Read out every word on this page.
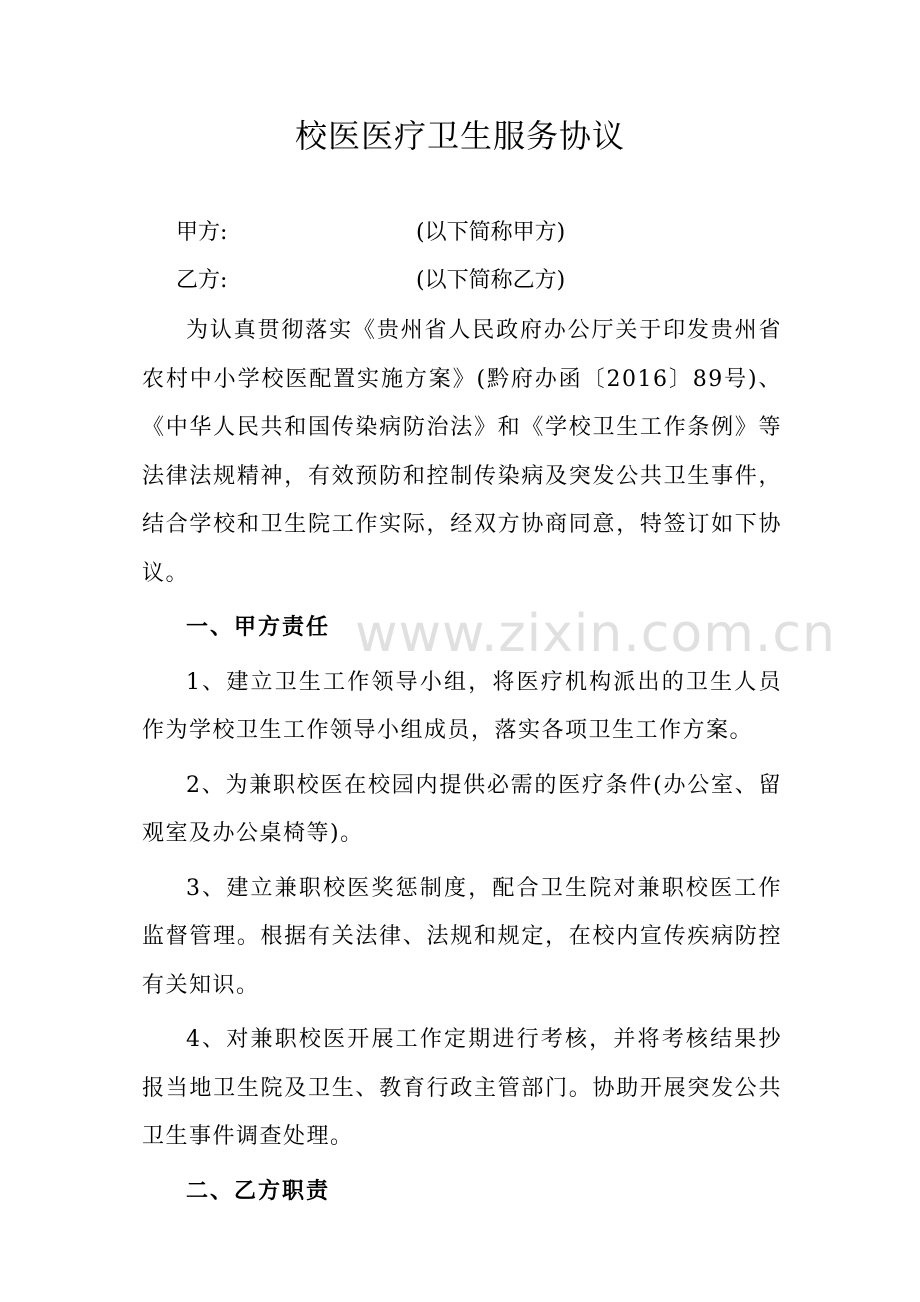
校医医疗卫生服务协议
甲方:	(以下简称甲方)
乙方:	(以下简称乙方)

为认真贯彻落实《贵州省人民政府办公厅关于印发贵州省农村中小学校医配置实施方案》(黔府办函〔2016〕89号)、《中华人民共和国传染病防治法》和《学校卫生工作条例》等法律法规精神，有效预防和控制传染病及突发公共卫生事件，结合学校和卫生院工作实际，经双方协商同意，特签订如下协议。

一、甲方责任

1、建立卫生工作领导小组，将医疗机构派出的卫生人员作为学校卫生工作领导小组成员，落实各项卫生工作方案。

2、为兼职校医在校园内提供必需的医疗条件(办公室、留观室及办公桌椅等)。

3、建立兼职校医奖惩制度，配合卫生院对兼职校医工作监督管理。根据有关法律、法规和规定，在校内宣传疾病防控有关知识。

4、对兼职校医开展工作定期进行考核，并将考核结果抄报当地卫生院及卫生、教育行政主管部门。协助开展突发公共卫生事件调查处理。

二、乙方职责

www.zixin.com.cn
